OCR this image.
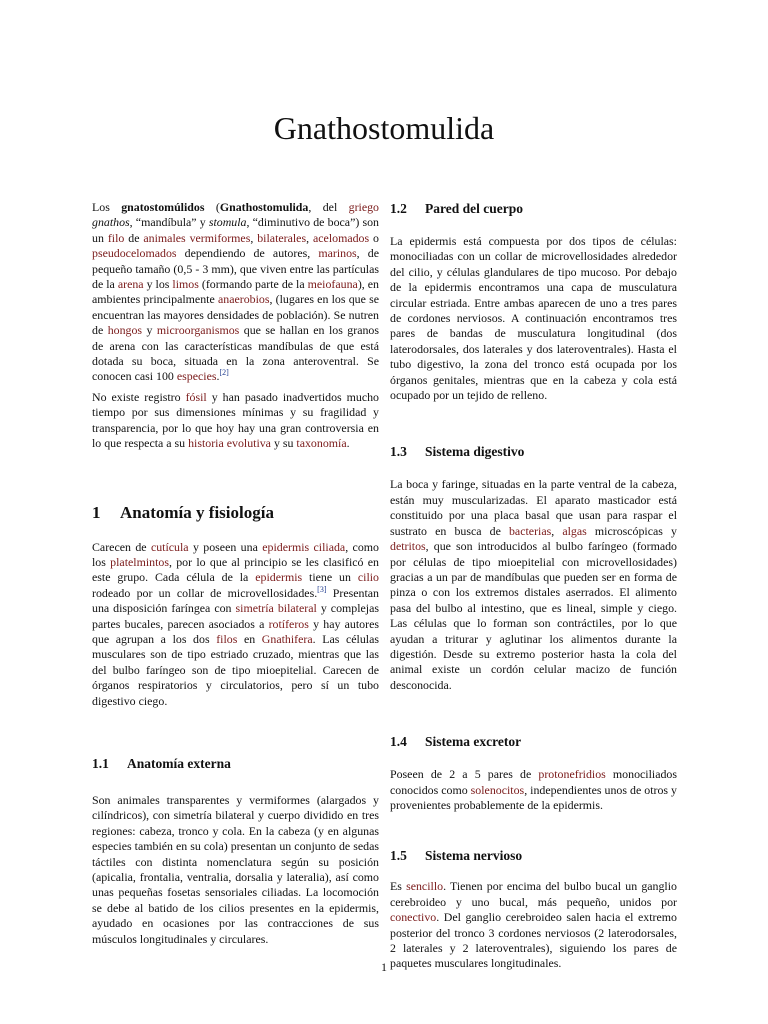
Gnathostomulida

Los gnatostomúlidos (Gnathostomulida, del griego gnathos, “mandíbula” y stomula, “diminutivo de boca”) son un filo de animales vermiformes, bilaterales, acelomados o pseudocelomados dependiendo de autores, marinos, de pequeño tamaño (0,5 - 3 mm), que viven entre las partículas de la arena y los limos (formando parte de la meiofauna), en ambientes principalmente anaerobios, (lugares en los que se encuentran las mayores densidades de población). Se nutren de hongos y microorganismos que se hallan en los granos de arena con las características mandíbulas de que está dotada su boca, situada en la zona anteroventral. Se conocen casi 100 especies.[2]

No existe registro fósil y han pasado inadvertidos mucho tiempo por sus dimensiones mínimas y su fragilidad y transparencia, por lo que hoy hay una gran controversia en lo que respecta a su historia evolutiva y su taxonomía.

1 Anatomía y fisiología

Carecen de cutícula y poseen una epidermis ciliada, como los platelmintos, por lo que al principio se les clasificó en este grupo. Cada célula de la epidermis tiene un cilio rodeado por un collar de microvellosidades.[3] Presentan una disposición faríngea con simetría bilateral y complejas partes bucales, parecen asociados a rotíferos y hay autores que agrupan a los dos filos en Gnathifera. Las células musculares son de tipo estriado cruzado, mientras que las del bulbo faríngeo son de tipo mioepitelial. Carecen de órganos respiratorios y circulatorios, pero sí un tubo digestivo ciego.

1.1 Anatomía externa

Son animales transparentes y vermiformes (alargados y cilíndricos), con simetría bilateral y cuerpo dividido en tres regiones: cabeza, tronco y cola. En la cabeza (y en algunas especies también en su cola) presentan un conjunto de sedas táctiles con distinta nomenclatura según su posición (apicalia, frontalia, ventralia, dorsalia y lateralia), así como unas pequeñas fosetas sensoriales ciliadas. La locomoción se debe al batido de los cilios presentes en la epidermis, ayudado en ocasiones por las contracciones de sus músculos longitudinales y circulares.

1.2 Pared del cuerpo

La epidermis está compuesta por dos tipos de células: monociliadas con un collar de microvellosidades alrededor del cilio, y células glandulares de tipo mucoso. Por debajo de la epidermis encontramos una capa de musculatura circular estriada. Entre ambas aparecen de uno a tres pares de cordones nerviosos. A continuación encontramos tres pares de bandas de musculatura longitudinal (dos laterodorsales, dos laterales y dos lateroventrales). Hasta el tubo digestivo, la zona del tronco está ocupada por los órganos genitales, mientras que en la cabeza y cola está ocupado por un tejido de relleno.

1.3 Sistema digestivo

La boca y faringe, situadas en la parte ventral de la cabeza, están muy muscularizadas. El aparato masticador está constituido por una placa basal que usan para raspar el sustrato en busca de bacterias, algas microscópicas y detritos, que son introducidos al bulbo faríngeo (formado por células de tipo mioepitelial con microvellosidades) gracias a un par de mandíbulas que pueden ser en forma de pinza o con los extremos distales aserrados. El alimento pasa del bulbo al intestino, que es lineal, simple y ciego. Las células que lo forman son contráctiles, por lo que ayudan a triturar y aglutinar los alimentos durante la digestión. Desde su extremo posterior hasta la cola del animal existe un cordón celular macizo de función desconocida.

1.4 Sistema excretor

Poseen de 2 a 5 pares de protonefridios monociliados conocidos como solenocitos, independientes unos de otros y provenientes probablemente de la epidermis.

1.5 Sistema nervioso

Es sencillo. Tienen por encima del bulbo bucal un ganglio cerebroideo y uno bucal, más pequeño, unidos por conectivo. Del ganglio cerebroideo salen hacia el extremo posterior del tronco 3 cordones nerviosos (2 laterodorsales, 2 laterales y 2 lateroventrales), siguiendo los pares de paquetes musculares longitudinales.

1
